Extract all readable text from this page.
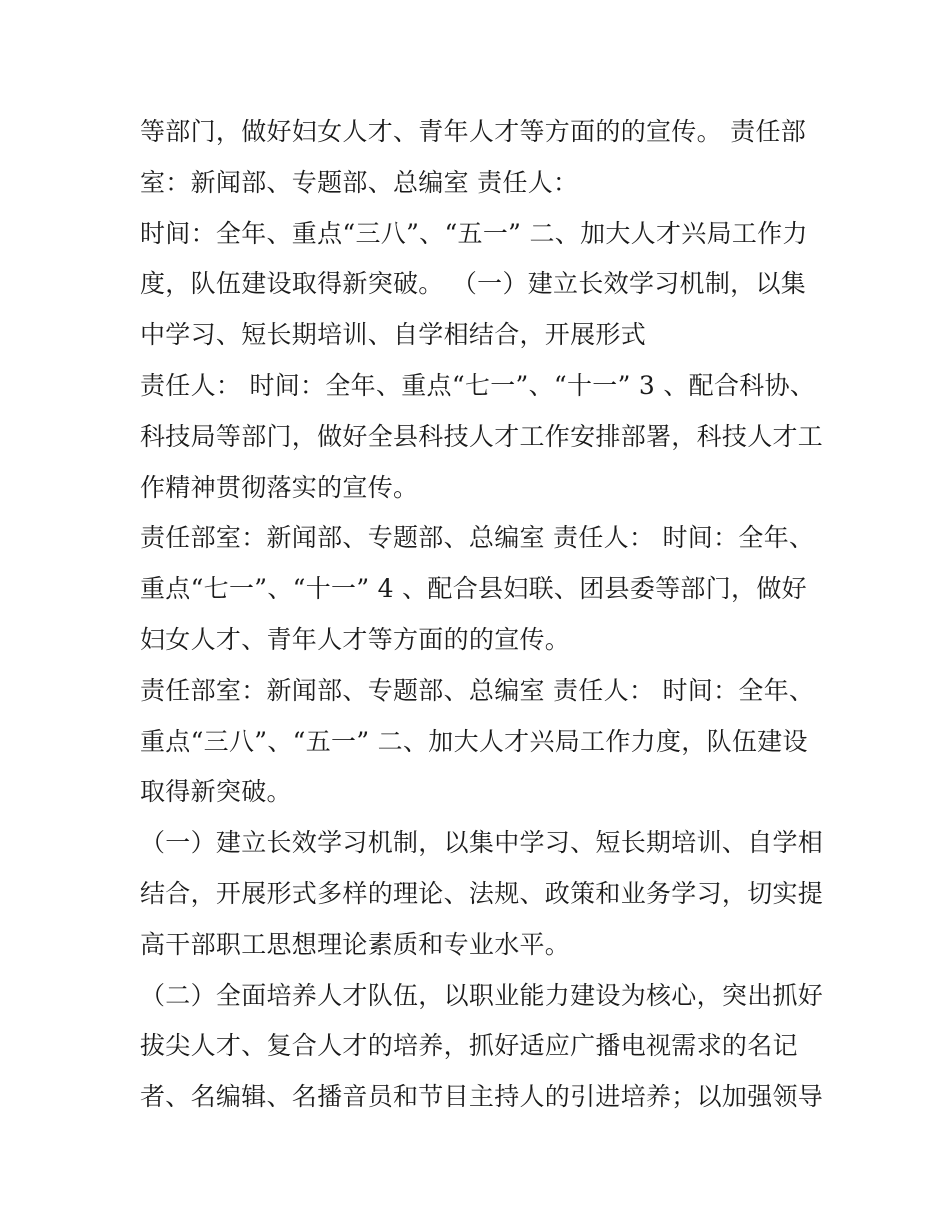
等部门，做好妇女人才、青年人才等方面的的宣传。 责任部
室：新闻部、专题部、总编室 责任人：
时间：全年、重点“三八”、“五一” 二、加大人才兴局工作力
度，队伍建设取得新突破。 （一）建立长效学习机制，以集
中学习、短长期培训、自学相结合，开展形式
责任人： 时间：全年、重点“七一”、“十一” 3 、配合科协、
科技局等部门，做好全县科技人才工作安排部署，科技人才工
作精神贯彻落实的宣传。
责任部室：新闻部、专题部、总编室 责任人： 时间：全年、
重点“七一”、“十一” 4 、配合县妇联、团县委等部门，做好
妇女人才、青年人才等方面的的宣传。
责任部室：新闻部、专题部、总编室 责任人： 时间：全年、
重点“三八”、“五一” 二、加大人才兴局工作力度，队伍建设
取得新突破。
（一）建立长效学习机制，以集中学习、短长期培训、自学相
结合，开展形式多样的理论、法规、政策和业务学习，切实提
高干部职工思想理论素质和专业水平。
（二）全面培养人才队伍，以职业能力建设为核心，突出抓好
拔尖人才、复合人才的培养，抓好适应广播电视需求的名记
者、名编辑、名播音员和节目主持人的引进培养；以加强领导
